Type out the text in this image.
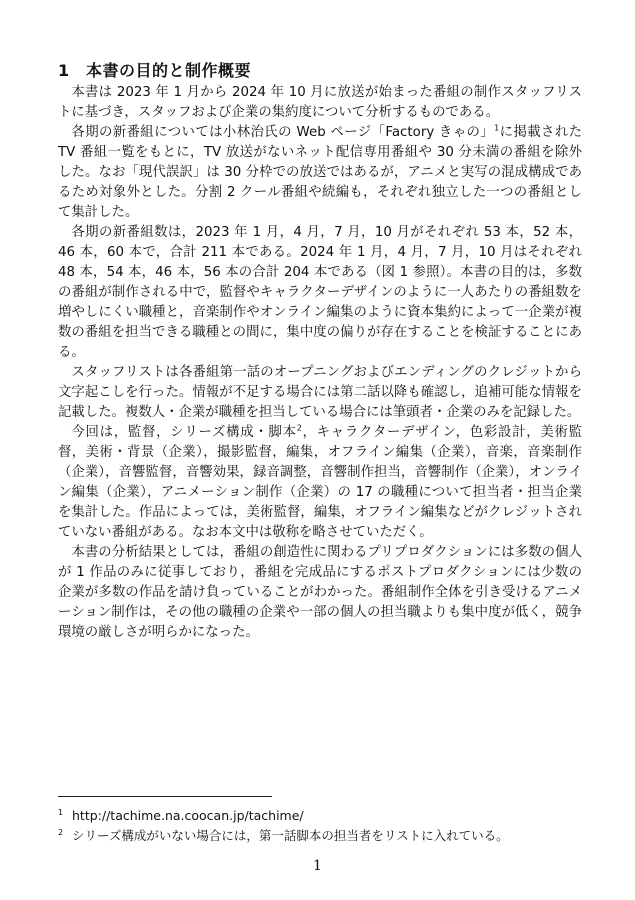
1 本書の目的と制作概要

本書は 2023 年 1 月から 2024 年 10 月に放送が始まった番組の制作スタッフリストに基づき，スタッフおよび企業の集約度について分析するものである。

各期の新番組については小林治氏の Web ページ「Factory きゃの」$^1$に掲載された TV 番組一覧をもとに，TV 放送がないネット配信専用番組や 30 分未満の番組を除外した。なお「現代誤訳」は 30 分枠での放送ではあるが，アニメと実写の混成構成であるため対象外とした。分割 2 クール番組や続編も，それぞれ独立した一つの番組として集計した。

各期の新番組数は，2023 年 1 月，4 月，7 月，10 月がそれぞれ 53 本，52 本，46 本，60 本で，合計 211 本である。2024 年 1 月，4 月，7 月，10 月はそれぞれ 48 本，54 本，46 本，56 本の合計 204 本である（図 1 参照）。本書の目的は，多数の番組が制作される中で，監督やキャラクターデザインのように一人あたりの番組数を増やしにくい職種と，音楽制作やオンライン編集のように資本集約によって一企業が複数の番組を担当できる職種との間に，集中度の偏りが存在することを検証することにある。

スタッフリストは各番組第一話のオープニングおよびエンディングのクレジットから文字起こしを行った。情報が不足する場合には第二話以降も確認し，追補可能な情報を記載した。複数人・企業が職種を担当している場合には筆頭者・企業のみを記録した。

今回は，監督，シリーズ構成・脚本$^2$，キャラクターデザイン，色彩設計，美術監督，美術・背景（企業），撮影監督，編集，オフライン編集（企業），音楽，音楽制作（企業），音響監督，音響効果，録音調整，音響制作担当，音響制作（企業），オンライン編集（企業），アニメーション制作（企業）の 17 の職種について担当者・担当企業を集計した。作品によっては，美術監督，編集，オフライン編集などがクレジットされていない番組がある。なお本文中は敬称を略させていただく。

本書の分析結果としては，番組の創造性に関わるプリプロダクションには多数の個人が 1 作品のみに従事しており，番組を完成品にするポストプロダクションには少数の企業が多数の作品を請け負っていることがわかった。番組制作全体を引き受けるアニメーション制作は，その他の職種の企業や一部の個人の担当職よりも集中度が低く，競争環境の厳しさが明らかになった。

1 http://tachime.na.coocan.jp/tachime/

2 シリーズ構成がいない場合には，第一話脚本の担当者をリストに入れている。

1
